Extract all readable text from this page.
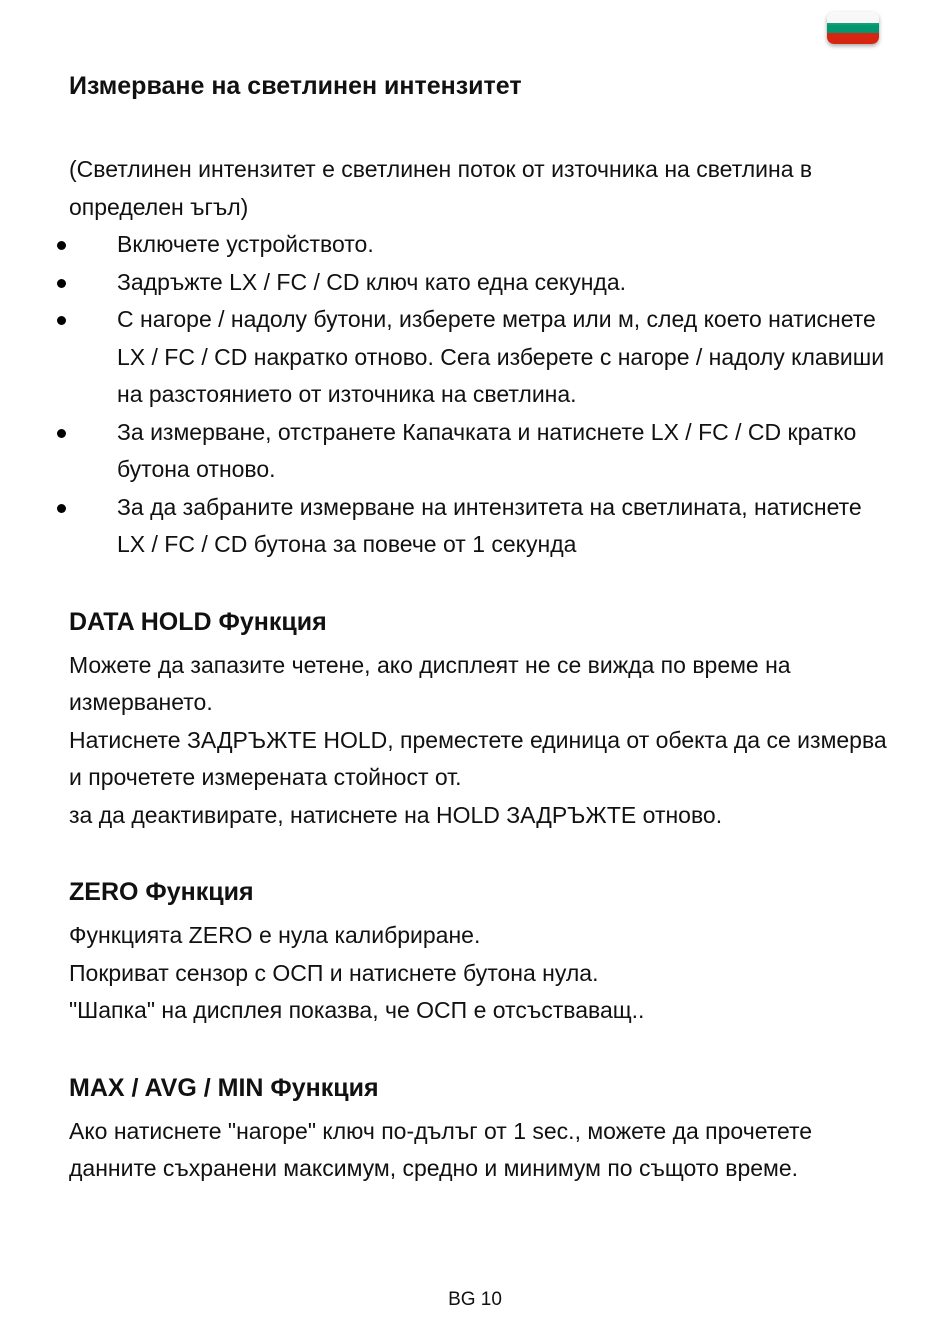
Измерване на светлинен интензитет

(Светлинен интензитет е светлинен поток от източника на светлина в определен ъгъл)

Включете устройството.
Задръжте LX / FC / CD ключ като една секунда.
С нагоре / надолу бутони, изберете метра или м, след което натиснете LX / FC / CD накратко отново. Сега изберете с нагоре / надолу клавиши на разстоянието от източника на светлина.
За измерване, отстранете Капачката и натиснете LX / FC / CD кратко бутона отново.
За да забраните измерване на интензитета на светлината, натиснете LX / FC / CD бутона за повече от 1 секунда
DATA HOLD Функция

Можете да запазите четене, ако дисплеят не се вижда по време на измерването.

Натиснете ЗАДРЪЖТЕ HOLD, преместете единица от обекта да се измерва и прочетете измерената стойност от.

за да деактивирате, натиснете на HOLD ЗАДРЪЖТЕ отново.

ZERO Функция

Функцията ZERO е нула калибриране.

Покриват сензор с ОСП и натиснете бутона нула.

"Шапка" на дисплея показва, че ОСП е отсъстваващ..

MAX / AVG / MIN Функция

Ако натиснете "нагоре" ключ по-дълъг от 1 sec., можете да прочетете данните съхранени максимум, средно и минимум по същото време.

BG 10
